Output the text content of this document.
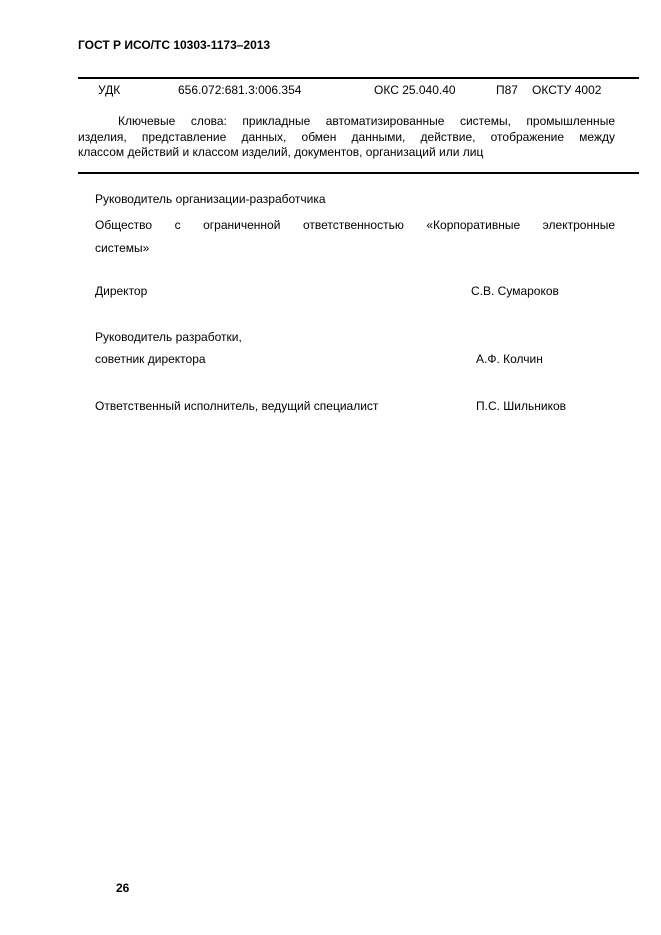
ГОСТ Р ИСО/ТС 10303-1173–2013
УДК	656.072:681.3:006.354	ОКС 25.040.40	П87 ОКСТУ 4002
Ключевые слова: прикладные автоматизированные системы, промышленные
изделия, представление данных, обмен данными, действие, отображение между
классом действий и классом изделий, документов, организаций или лиц
Руководитель организации-разработчика
Общество с ограниченной ответственностью «Корпоративные электронные
системы»
Директор	С.В. Сумароков
Руководитель разработки,
советник директора	А.Ф. Колчин
Ответственный исполнитель, ведущий специалист	П.С. Шильников
26
